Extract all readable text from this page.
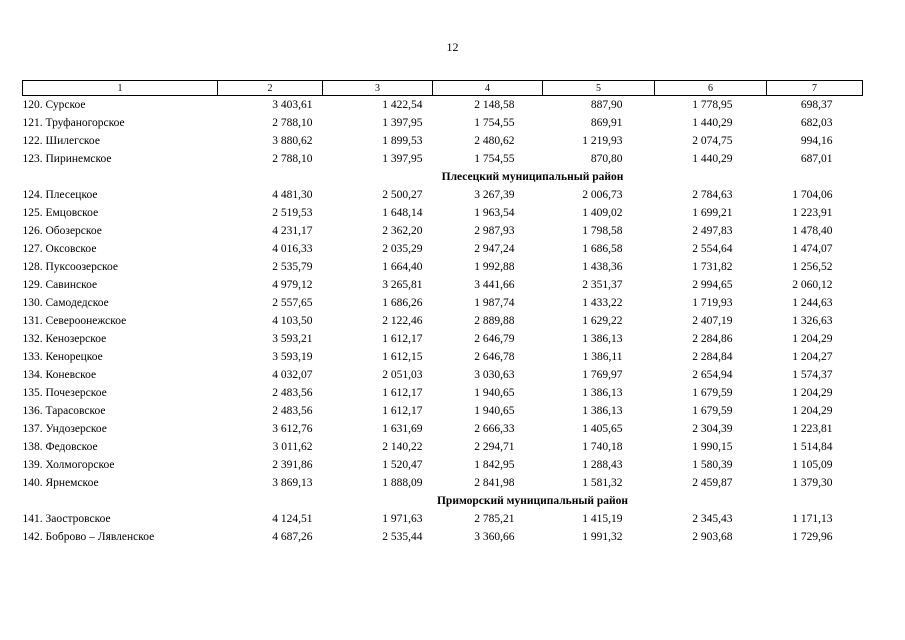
12
1	2	3	4	5	6	7
120. Сурское	3 403,61	1 422,54	2 148,58	887,90	1 778,95	698,37
121. Труфаногорское	2 788,10	1 397,95	1 754,55	869,91	1 440,29	682,03
122. Шилегское	3 880,62	1 899,53	2 480,62	1 219,93	2 074,75	994,16
123. Пиринемское	2 788,10	1 397,95	1 754,55	870,80	1 440,29	687,01
Плесецкий муниципальный район						
124. Плесецкое	4 481,30	2 500,27	3 267,39	2 006,73	2 784,63	1 704,06
125. Емцовское	2 519,53	1 648,14	1 963,54	1 409,02	1 699,21	1 223,91
126. Обозерское	4 231,17	2 362,20	2 987,93	1 798,58	2 497,83	1 478,40
127. Оксовское	4 016,33	2 035,29	2 947,24	1 686,58	2 554,64	1 474,07
128. Пуксоозерское	2 535,79	1 664,40	1 992,88	1 438,36	1 731,82	1 256,52
129. Савинское	4 979,12	3 265,81	3 441,66	2 351,37	2 994,65	2 060,12
130. Самодедское	2 557,65	1 686,26	1 987,74	1 433,22	1 719,93	1 244,63
131. Североонежское	4 103,50	2 122,46	2 889,88	1 629,22	2 407,19	1 326,63
132. Кенозерское	3 593,21	1 612,17	2 646,79	1 386,13	2 284,86	1 204,29
133. Кенорецкое	3 593,19	1 612,15	2 646,78	1 386,11	2 284,84	1 204,27
134. Коневское	4 032,07	2 051,03	3 030,63	1 769,97	2 654,94	1 574,37
135. Почезерское	2 483,56	1 612,17	1 940,65	1 386,13	1 679,59	1 204,29
136. Тарасовское	2 483,56	1 612,17	1 940,65	1 386,13	1 679,59	1 204,29
137. Ундозерское	3 612,76	1 631,69	2 666,33	1 405,65	2 304,39	1 223,81
138. Федовское	3 011,62	2 140,22	2 294,71	1 740,18	1 990,15	1 514,84
139. Холмогорское	2 391,86	1 520,47	1 842,95	1 288,43	1 580,39	1 105,09
140. Ярнемское	3 869,13	1 888,09	2 841,98	1 581,32	2 459,87	1 379,30
Приморский муниципальный район						
141. Заостровское	4 124,51	1 971,63	2 785,21	1 415,19	2 345,43	1 171,13
142. Боброво – Лявленское	4 687,26	2 535,44	3 360,66	1 991,32	2 903,68	1 729,96
